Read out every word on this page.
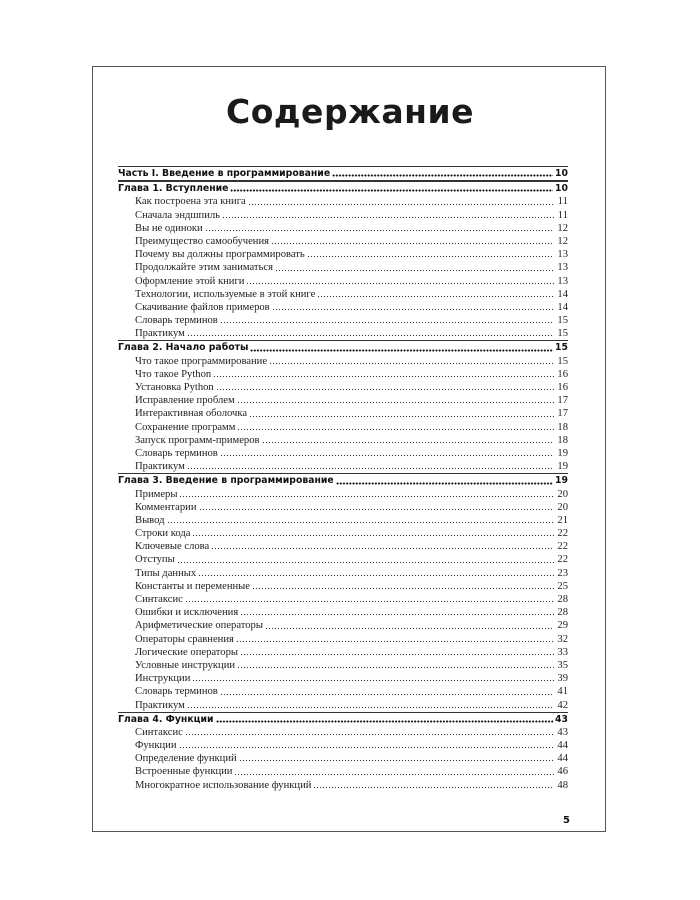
Содержание
Часть I. Введение в программирование	10
Глава 1. Вступление	10
Как построена эта книга	11
Сначала эндшпиль	11
Вы не одиноки	12
Преимущество самообучения	12
Почему вы должны программировать	13
Продолжайте этим заниматься	13
Оформление этой книги	13
Технологии, используемые в этой книге	14
Скачивание файлов примеров	14
Словарь терминов	15
Практикум	15
Глава 2. Начало работы	15
Что такое программирование	15
Что такое Python	16
Установка Python	16
Исправление проблем	17
Интерактивная оболочка	17
Сохранение программ	18
Запуск программ-примеров	18
Словарь терминов	19
Практикум	19
Глава 3. Введение в программирование	19
Примеры	20
Комментарии	20
Вывод	21
Строки кода	22
Ключевые слова	22
Отступы	22
Типы данных	23
Константы и переменные	25
Синтаксис	28
Ошибки и исключения	28
Арифметические операторы	29
Операторы сравнения	32
Логические операторы	33
Условные инструкции	35
Инструкции	39
Словарь терминов	41
Практикум	42
Глава 4. Функции	43
Синтаксис	43
Функции	44
Определение функций	44
Встроенные функции	46
Многократное использование функций	48
5
